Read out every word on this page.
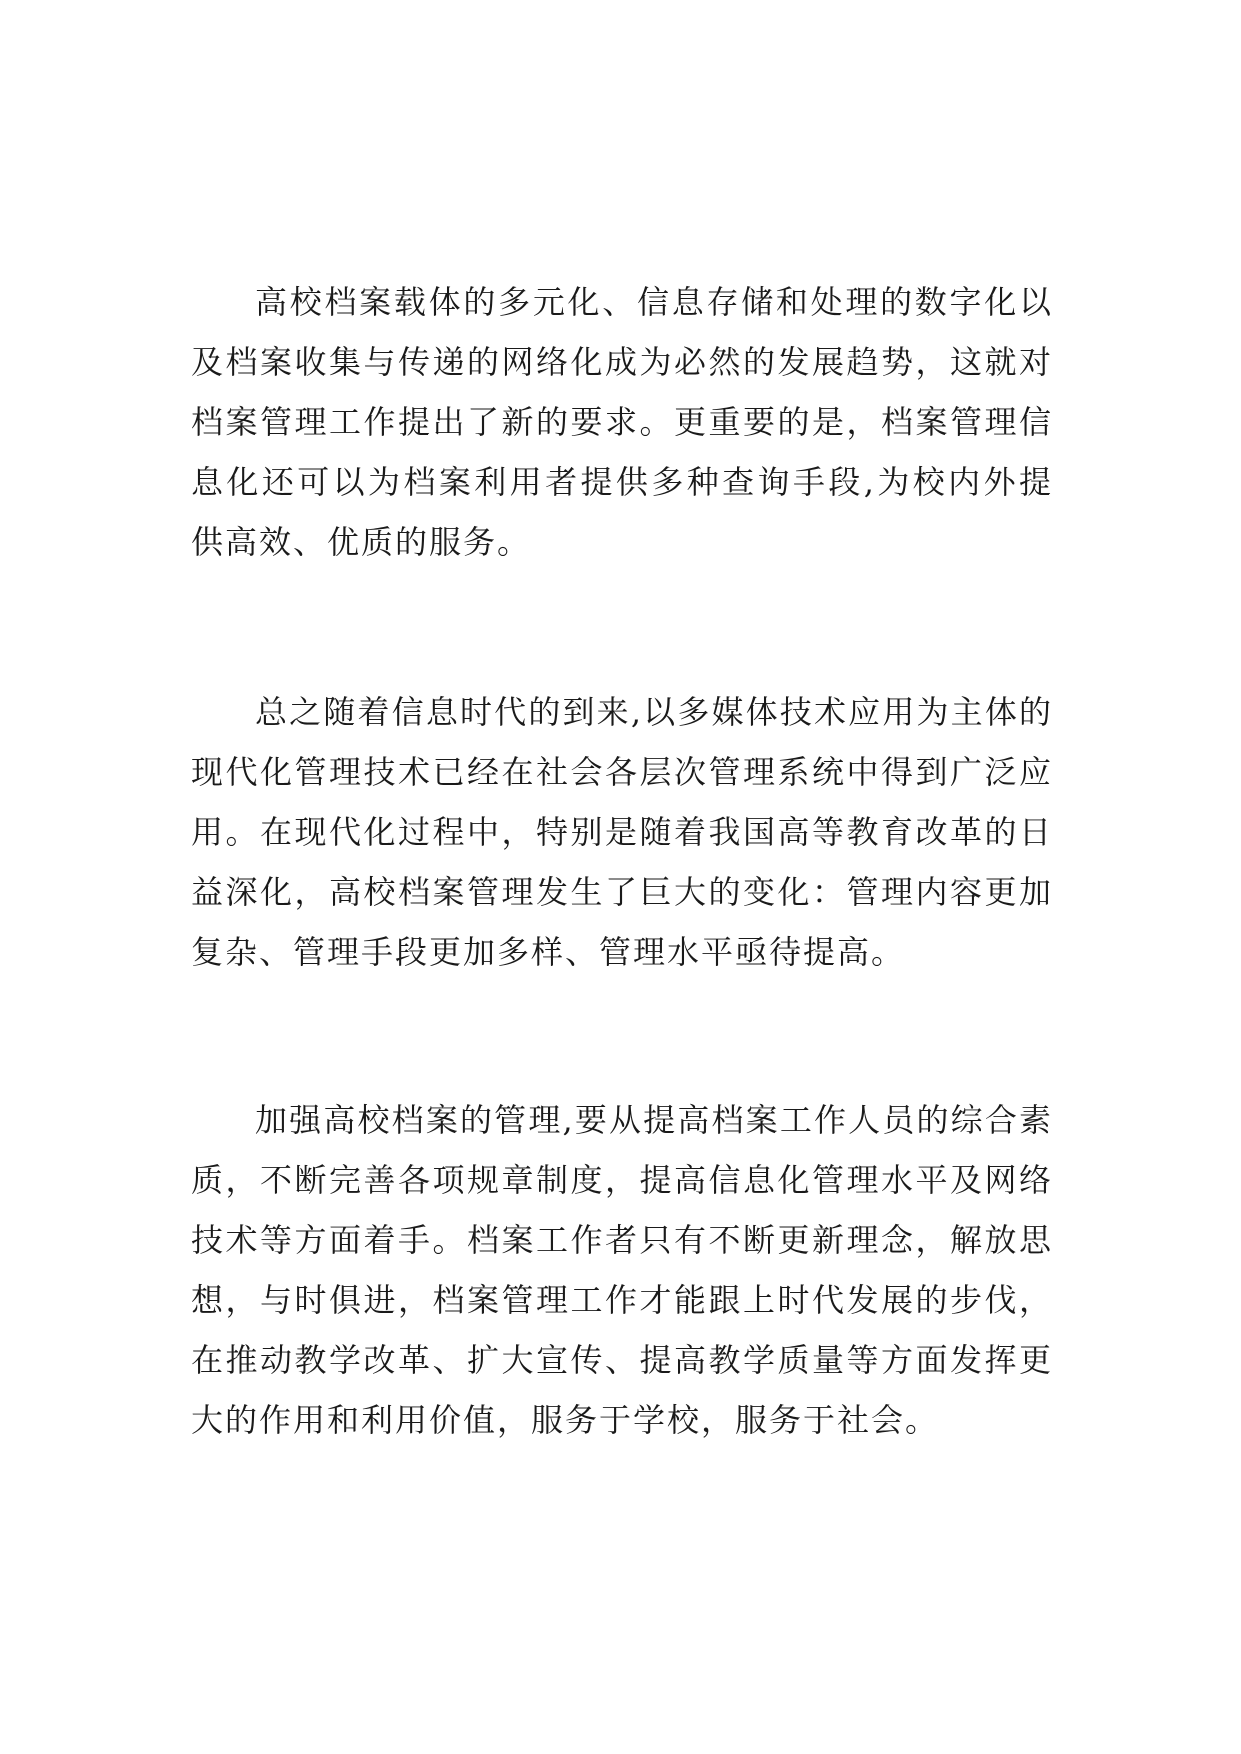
高校档案载体的多元化、信息存储和处理的数字化以及档案收集与传递的网络化成为必然的发展趋势，这就对档案管理工作提出了新的要求。更重要的是，档案管理信息化还可以为档案利用者提供多种查询手段,为校内外提供高效、优质的服务。

总之随着信息时代的到来,以多媒体技术应用为主体的现代化管理技术已经在社会各层次管理系统中得到广泛应用。在现代化过程中，特别是随着我国高等教育改革的日益深化，高校档案管理发生了巨大的变化：管理内容更加复杂、管理手段更加多样、管理水平亟待提高。

加强高校档案的管理,要从提高档案工作人员的综合素质，不断完善各项规章制度，提高信息化管理水平及网络技术等方面着手。档案工作者只有不断更新理念，解放思想，与时俱进，档案管理工作才能跟上时代发展的步伐，在推动教学改革、扩大宣传、提高教学质量等方面发挥更大的作用和利用价值，服务于学校，服务于社会。
